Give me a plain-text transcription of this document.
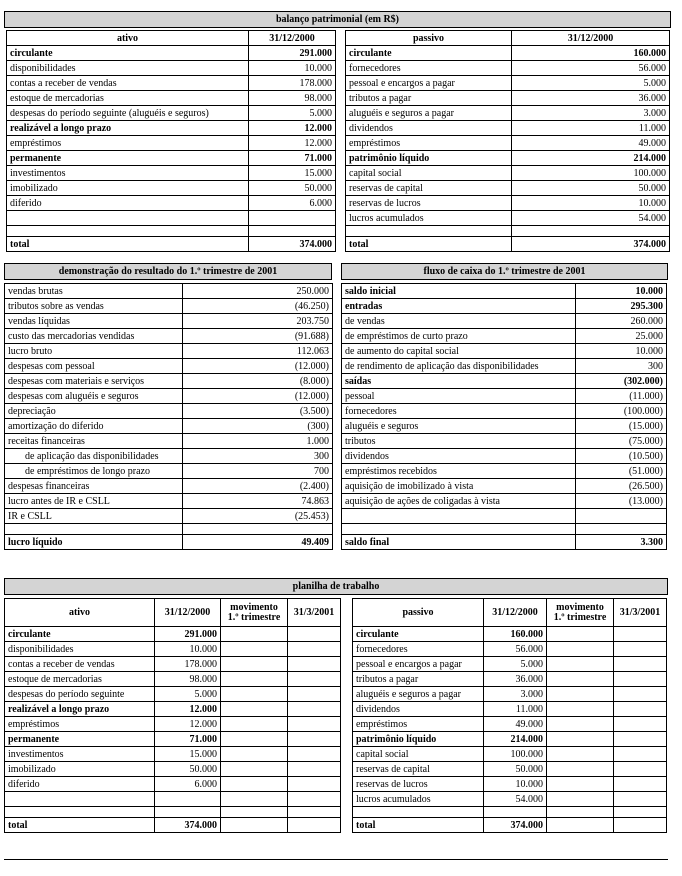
balanço patrimonial (em R$)
ativo	31/12/2000
circulante	291.000
disponibilidades	10.000
contas a receber de vendas	178.000
estoque de mercadorias	98.000
despesas do período seguinte (aluguéis e seguros)	5.000
realizável a longo prazo	12.000
empréstimos	12.000
permanente	71.000
investimentos	15.000
imobilizado	50.000
diferido	6.000

total	374.000
passivo	31/12/2000
circulante	160.000
fornecedores	56.000
pessoal e encargos a pagar	5.000
tributos a pagar	36.000
aluguéis e seguros a pagar	3.000
dividendos	11.000
empréstimos	49.000
patrimônio líquido	214.000
capital social	100.000
reservas de capital	50.000
reservas de lucros	10.000
lucros acumulados	54.000

total	374.000
demonstração do resultado do 1.º trimestre de 2001
vendas brutas	250.000
tributos sobre as vendas	(46.250)
vendas líquidas	203.750
custo das mercadorias vendidas	(91.688)
lucro bruto	112.063
despesas com pessoal	(12.000)
despesas com materiais e serviços	(8.000)
despesas com aluguéis e seguros	(12.000)
depreciação	(3.500)
amortização do diferido	(300)
receitas financeiras	1.000
de aplicação das disponibilidades	300
de empréstimos de longo prazo	700
despesas financeiras	(2.400)
lucro antes de IR e CSLL	74.863
IR e CSLL	(25.453)

lucro líquido	49.409
fluxo de caixa do 1.º trimestre de 2001
saldo inicial	10.000
entradas	295.300
de vendas	260.000
de empréstimos de curto prazo	25.000
de aumento do capital social	10.000
de rendimento de aplicação das disponibilidades	300
saídas	(302.000)
pessoal	(11.000)
fornecedores	(100.000)
aluguéis e seguros	(15.000)
tributos	(75.000)
dividendos	(10.500)
empréstimos recebidos	(51.000)
aquisição de imobilizado à vista	(26.500)
aquisição de ações de coligadas à vista	(13.000)

saldo final	3.300
planilha de trabalho
ativo	31/12/2000	movimento
1.º trimestre	31/3/2001
circulante	291.000		
disponibilidades	10.000		
contas a receber de vendas	178.000		
estoque de mercadorias	98.000		
despesas do período seguinte	5.000		
realizável a longo prazo	12.000		
empréstimos	12.000		
permanente	71.000		
investimentos	15.000		
imobilizado	50.000		
diferido	6.000		

total	374.000		
passivo	31/12/2000	movimento
1.º trimestre	31/3/2001
circulante	160.000		
fornecedores	56.000		
pessoal e encargos a pagar	5.000		
tributos a pagar	36.000		
aluguéis e seguros a pagar	3.000		
dividendos	11.000		
empréstimos	49.000		
patrimônio líquido	214.000		
capital social	100.000		
reservas de capital	50.000		
reservas de lucros	10.000		
lucros acumulados	54.000		

total	374.000		
